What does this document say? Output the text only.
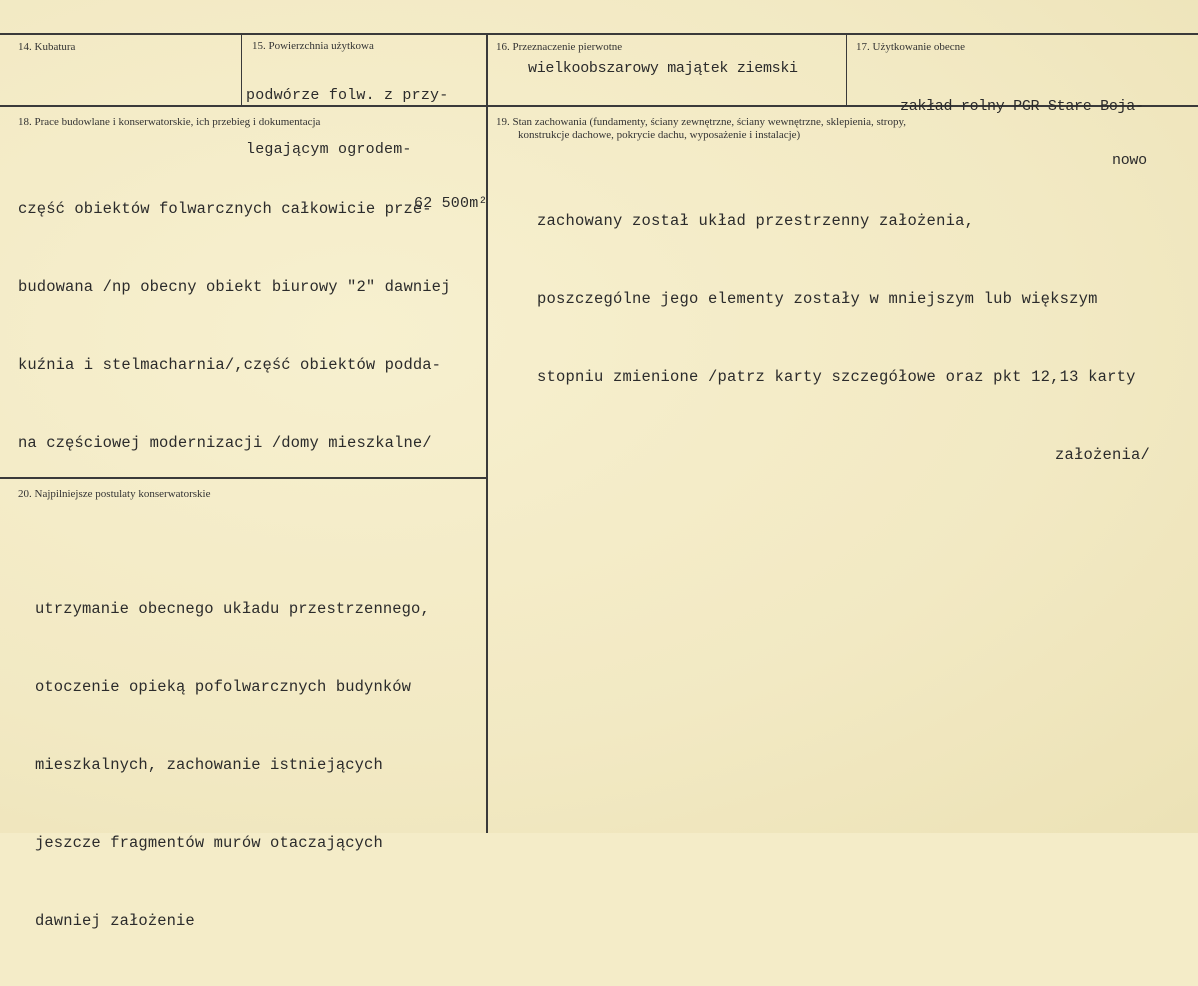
14. Kubatura	15. Powierzchnia użytkowa

podwórze folw. z przy-

legającym ogrodem-

62 500m²

16. Przeznaczenie pierwotne
wielkoobszarowy majątek ziemski
17. Użytkowanie obecne

zakład rolny PGR Stare Boja-

nowo

18. Prace budowlane i konserwatorskie, ich przebieg i dokumentacja

część obiektów folwarcznych całkowicie prze-

budowana /np obecny obiekt biurowy "2" dawniej

kuźnia i stelmacharnia/,część obiektów podda-

na częściowej modernizacji /domy mieszkalne/

19. Stan zachowania (fundamenty, ściany zewnętrzne, ściany wewnętrzne, sklepienia, stropy,
konstrukcje dachowe, pokrycie dachu, wyposażenie i instalacje)

zachowany został układ przestrzenny założenia,

poszczególne jego elementy zostały w mniejszym lub większym

stopniu zmienione /patrz karty szczegółowe oraz pkt 12,13 karty

założenia/

20. Najpilniejsze postulaty konserwatorskie

utrzymanie obecnego układu przestrzennego,

otoczenie opieką pofolwarcznych budynków

mieszkalnych, zachowanie istniejących

jeszcze fragmentów murów otaczających

dawniej założenie
